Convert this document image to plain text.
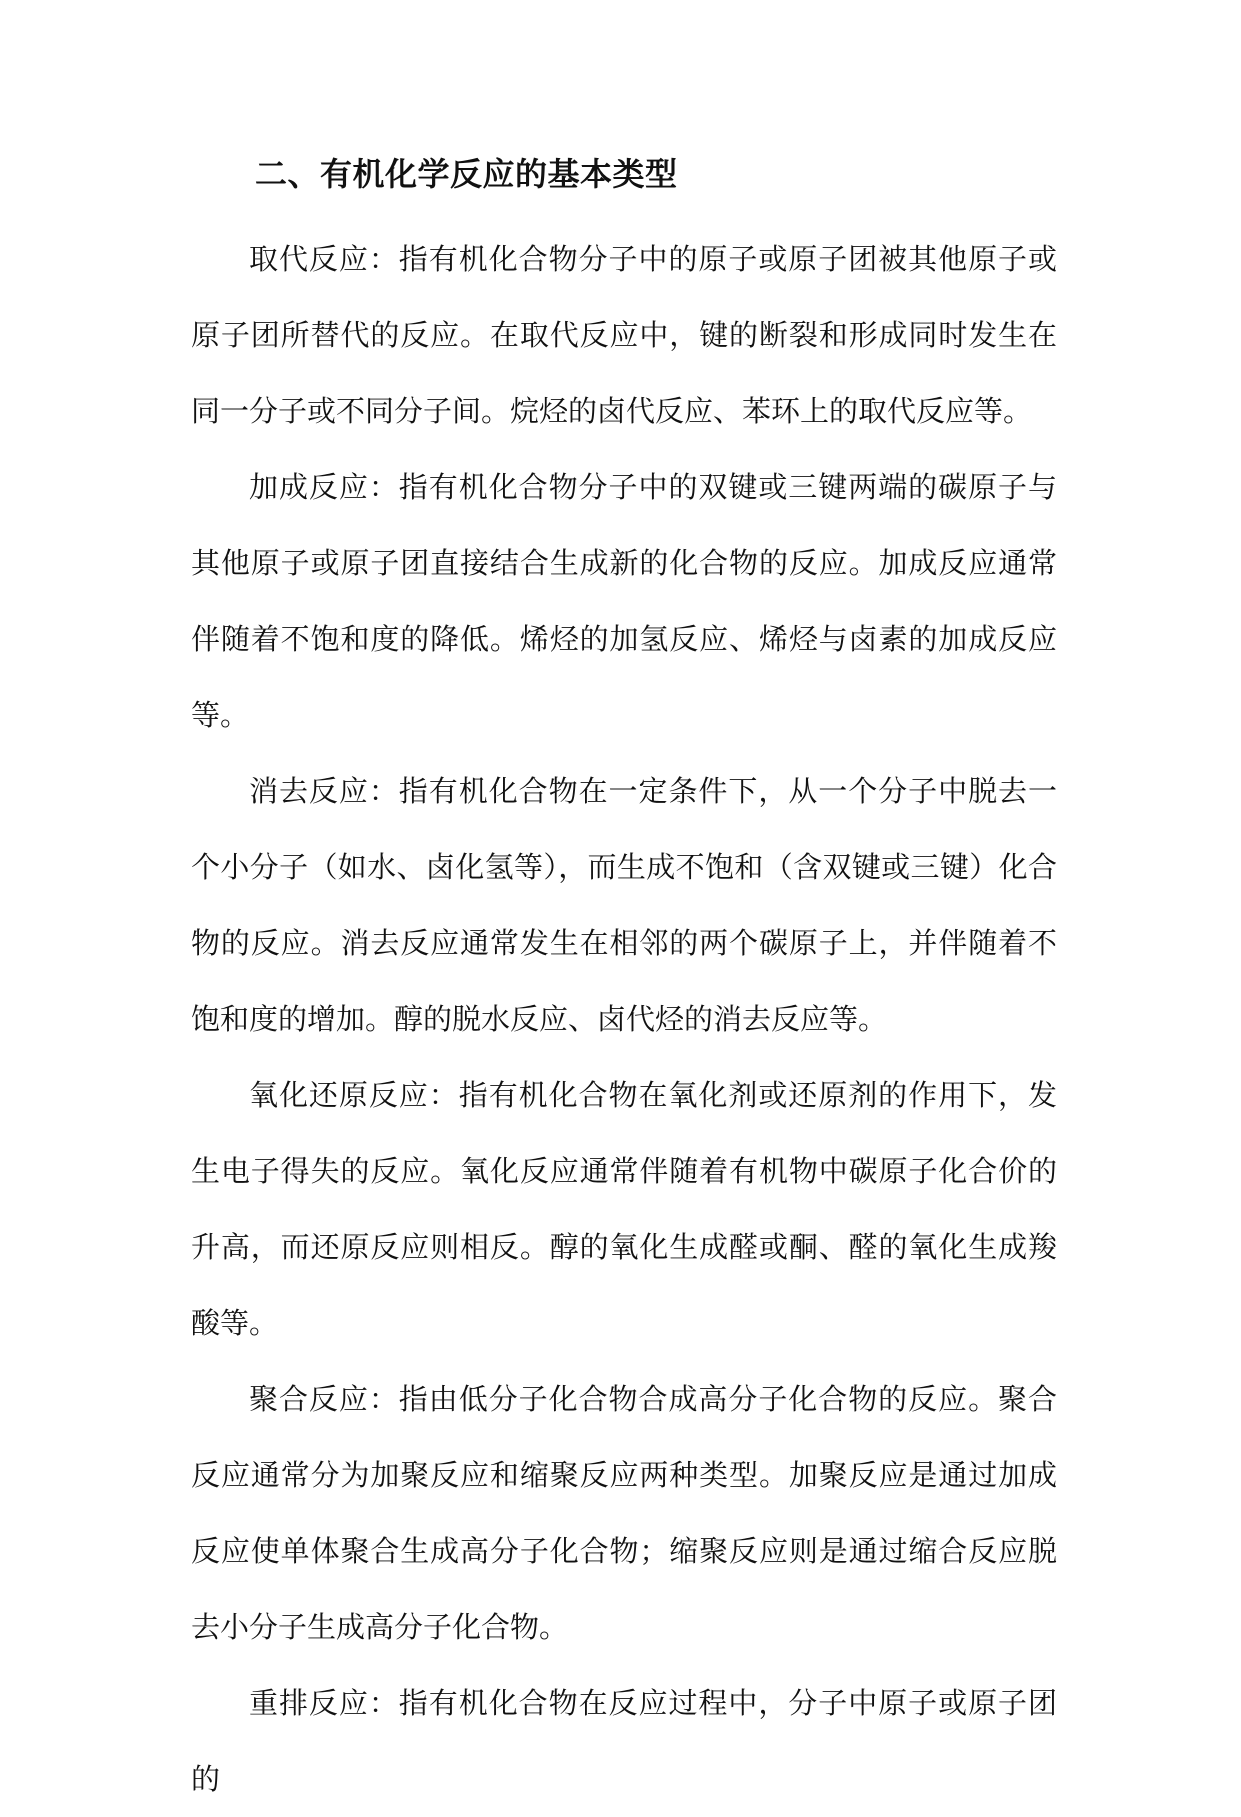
二、有机化学反应的基本类型

取代反应：指有机化合物分子中的原子或原子团被其他原子或原子团所替代的反应。在取代反应中，键的断裂和形成同时发生在同一分子或不同分子间。烷烃的卤代反应、苯环上的取代反应等。

加成反应：指有机化合物分子中的双键或三键两端的碳原子与其他原子或原子团直接结合生成新的化合物的反应。加成反应通常伴随着不饱和度的降低。烯烃的加氢反应、烯烃与卤素的加成反应等。

消去反应：指有机化合物在一定条件下，从一个分子中脱去一个小分子（如水、卤化氢等），而生成不饱和（含双键或三键）化合物的反应。消去反应通常发生在相邻的两个碳原子上，并伴随着不饱和度的增加。醇的脱水反应、卤代烃的消去反应等。

氧化还原反应：指有机化合物在氧化剂或还原剂的作用下，发生电子得失的反应。氧化反应通常伴随着有机物中碳原子化合价的升高，而还原反应则相反。醇的氧化生成醛或酮、醛的氧化生成羧酸等。

聚合反应：指由低分子化合物合成高分子化合物的反应。聚合反应通常分为加聚反应和缩聚反应两种类型。加聚反应是通过加成反应使单体聚合生成高分子化合物；缩聚反应则是通过缩合反应脱去小分子生成高分子化合物。

重排反应：指有机化合物在反应过程中，分子中原子或原子团的
